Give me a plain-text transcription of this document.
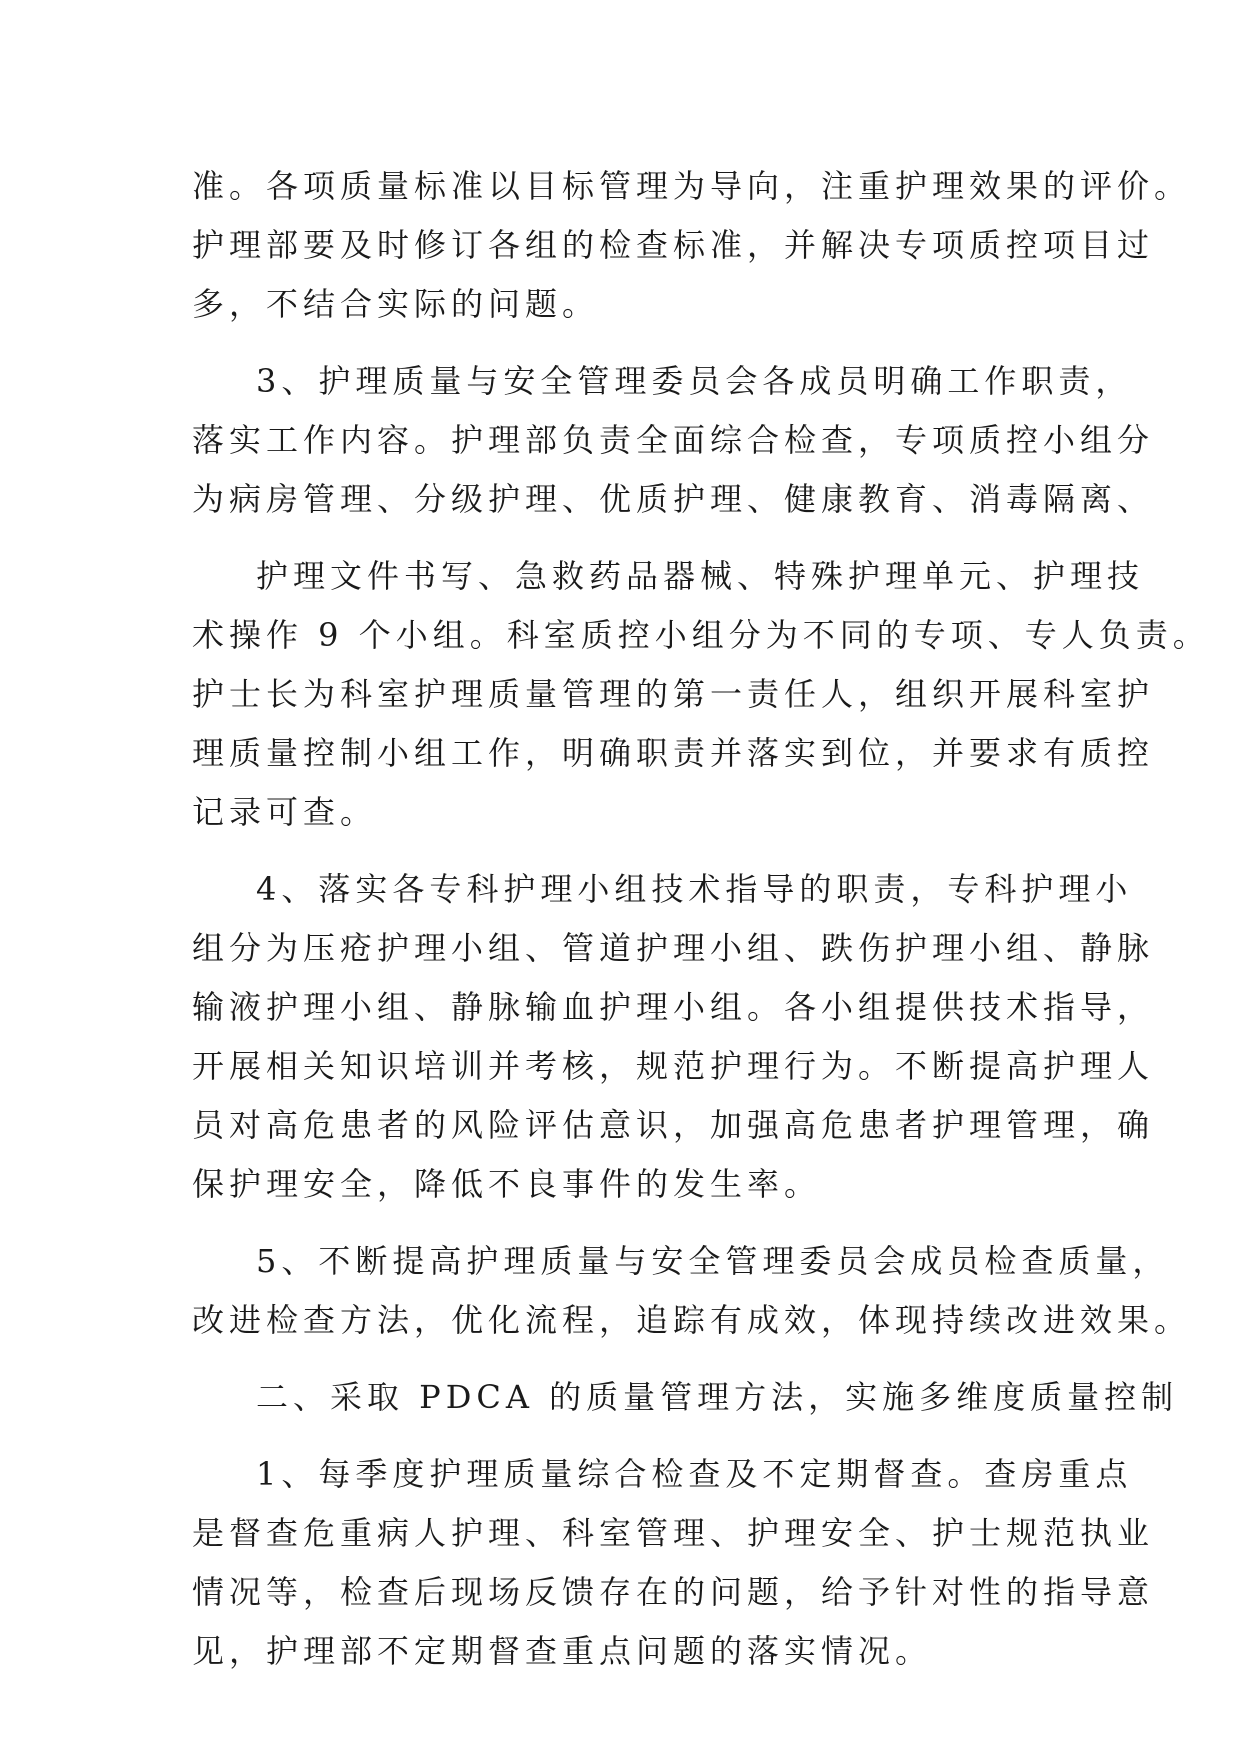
准。各项质量标准以目标管理为导向，注重护理效果的评价。
护理部要及时修订各组的检查标准，并解决专项质控项目过
多，不结合实际的问题。
3、护理质量与安全管理委员会各成员明确工作职责，
落实工作内容。护理部负责全面综合检查，专项质控小组分
为病房管理、分级护理、优质护理、健康教育、消毒隔离、
护理文件书写、急救药品器械、特殊护理单元、护理技
术操作 9 个小组。科室质控小组分为不同的专项、专人负责。
护士长为科室护理质量管理的第一责任人，组织开展科室护
理质量控制小组工作，明确职责并落实到位，并要求有质控
记录可查。
4、落实各专科护理小组技术指导的职责，专科护理小
组分为压疮护理小组、管道护理小组、跌伤护理小组、静脉
输液护理小组、静脉输血护理小组。各小组提供技术指导，
开展相关知识培训并考核，规范护理行为。不断提高护理人
员对高危患者的风险评估意识，加强高危患者护理管理，确
保护理安全，降低不良事件的发生率。
5、不断提高护理质量与安全管理委员会成员检查质量，
改进检查方法，优化流程，追踪有成效，体现持续改进效果。
二、采取 PDCA 的质量管理方法，实施多维度质量控制
1、每季度护理质量综合检查及不定期督查。查房重点
是督查危重病人护理、科室管理、护理安全、护士规范执业
情况等，检查后现场反馈存在的问题，给予针对性的指导意
见，护理部不定期督查重点问题的落实情况。
